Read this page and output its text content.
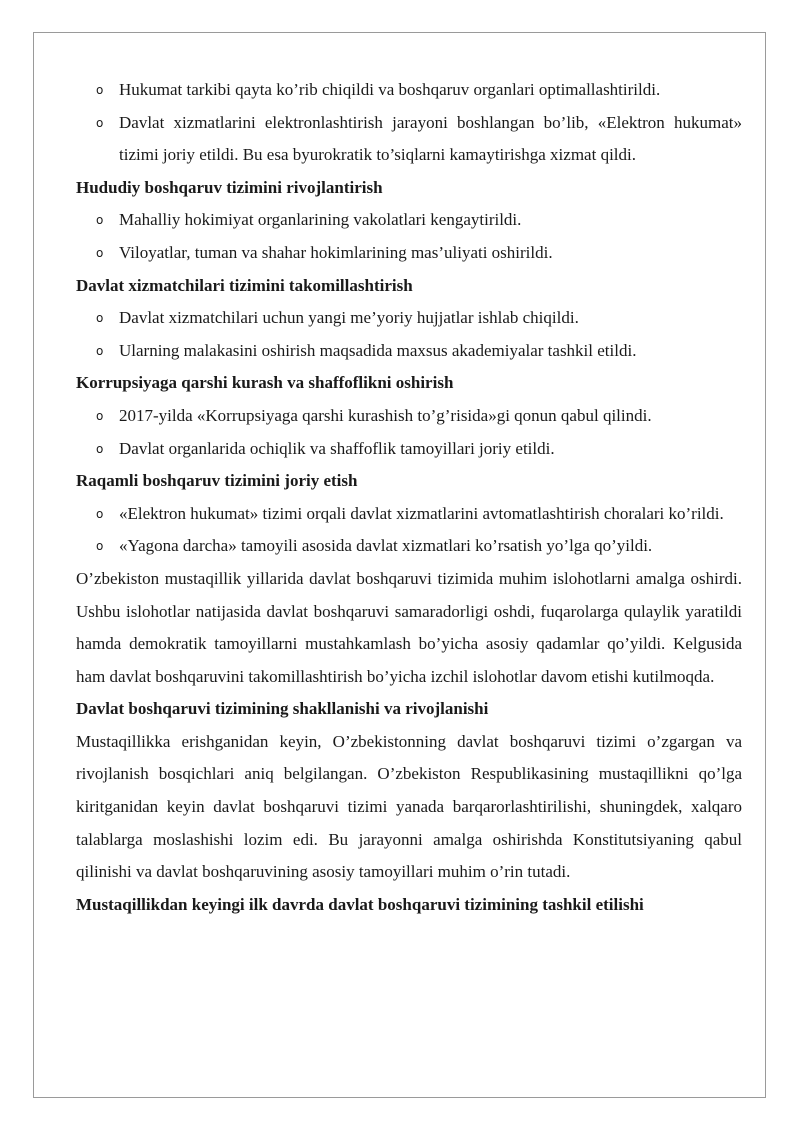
o Hukumat tarkibi qayta ko’rib chiqildi va boshqaruv organlari optimallashtirildi.
o Davlat xizmatlarini elektronlashtirish jarayoni boshlangan bo’lib, «Elektron hukumat» tizimi joriy etildi. Bu esa byurokratik to’siqlarni kamaytirishga xizmat qildi.
Hududiy boshqaruv tizimini rivojlantirish
o Mahalliy hokimiyat organlarining vakolatlari kengaytirildi.
o Viloyatlar, tuman va shahar hokimlarining mas’uliyati oshirildi.
Davlat xizmatchilari tizimini takomillashtirish
o Davlat xizmatchilari uchun yangi me’yoriy hujjatlar ishlab chiqildi.
o Ularning malakasini oshirish maqsadida maxsus akademiyalar tashkil etildi.
Korrupsiyaga qarshi kurash va shaffoflikni oshirish
o 2017-yilda «Korrupsiyaga qarshi kurashish to’g’risida»gi qonun qabul qilindi.
o Davlat organlarida ochiqlik va shaffoflik tamoyillari joriy etildi.
Raqamli boshqaruv tizimini joriy etish
o «Elektron hukumat» tizimi orqali davlat xizmatlarini avtomatlashtirish choralari ko’rildi.
o «Yagona darcha» tamoyili asosida davlat xizmatlari ko’rsatish yo’lga qo’yildi.

O’zbekiston mustaqillik yillarida davlat boshqaruvi tizimida muhim islohotlarni amalga oshirdi. Ushbu islohotlar natijasida davlat boshqaruvi samaradorligi oshdi, fuqarolarga qulaylik yaratildi hamda demokratik tamoyillarni mustahkamlash bo’yicha asosiy qadamlar qo’yildi. Kelgusida ham davlat boshqaruvini takomillashtirish bo’yicha izchil islohotlar davom etishi kutilmoqda.

Davlat boshqaruvi tizimining shakllanishi va rivojlanishi

Mustaqillikka erishganidan keyin, O’zbekistonning davlat boshqaruvi tizimi o’zgargan va rivojlanish bosqichlari aniq belgilangan. O’zbekiston Respublikasining mustaqillikni qo’lga kiritganidan keyin davlat boshqaruvi tizimi yanada barqarorlashtirilishi, shuningdek, xalqaro talablarga moslashishi lozim edi. Bu jarayonni amalga oshirishda Konstitutsiyaning qabul qilinishi va davlat boshqaruvining asosiy tamoyillari muhim o’rin tutadi.

Mustaqillikdan keyingi ilk davrda davlat boshqaruvi tizimining tashkil etilishi
